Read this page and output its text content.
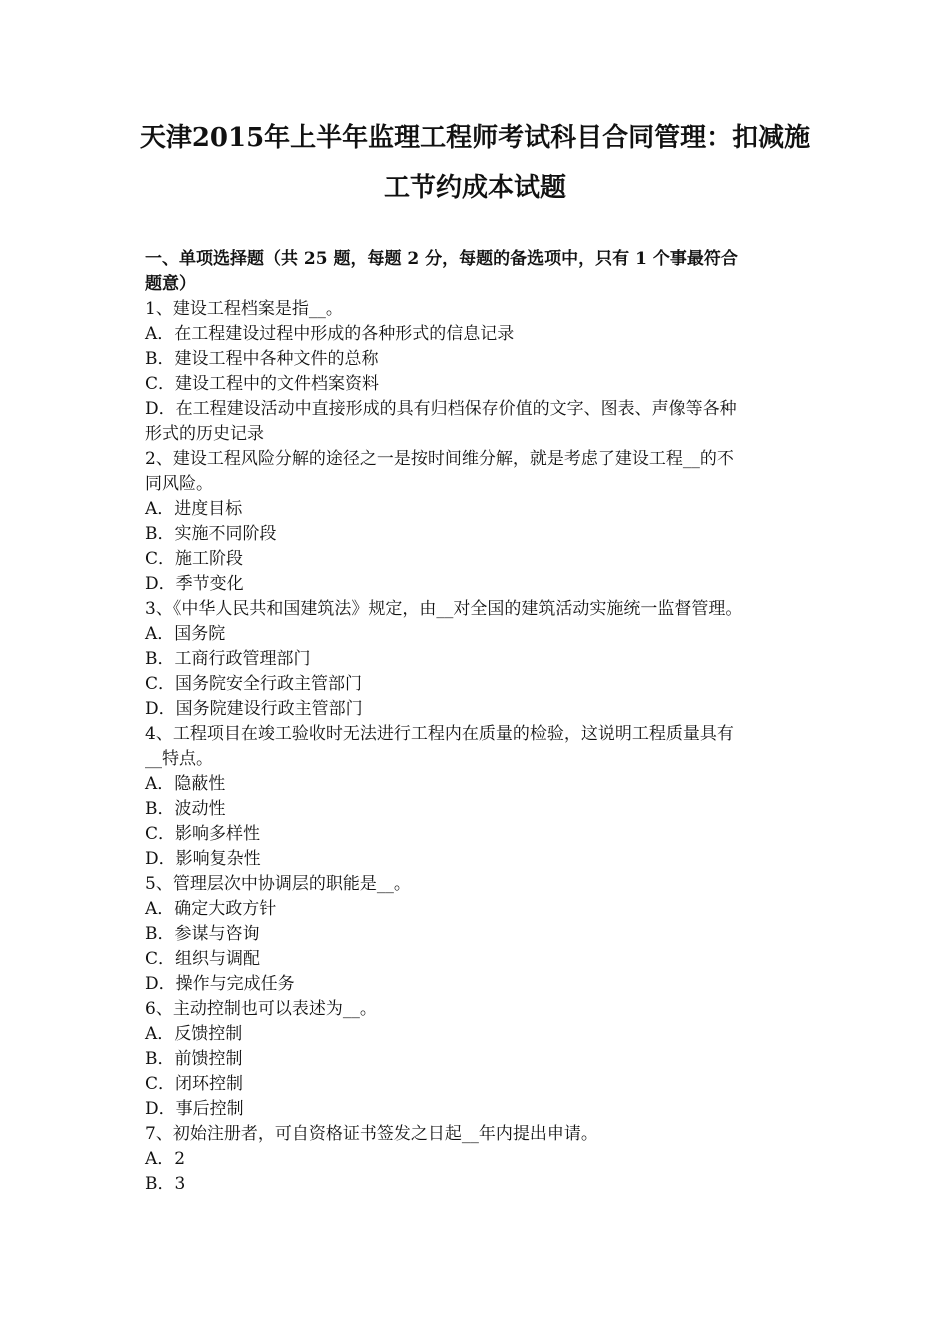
天津2015年上半年监理工程师考试科目合同管理：扣减施
工节约成本试题
一、单项选择题（共 25 题，每题 2 分，每题的备选项中，只有 1 个事最符合
题意）
1、建设工程档案是指__。
A．在工程建设过程中形成的各种形式的信息记录
B．建设工程中各种文件的总称
C．建设工程中的文件档案资料
D．在工程建设活动中直接形成的具有归档保存价值的文字、图表、声像等各种
形式的历史记录
2、建设工程风险分解的途径之一是按时间维分解，就是考虑了建设工程__的不
同风险。
A．进度目标
B．实施不同阶段
C．施工阶段
D．季节变化
3、《中华人民共和国建筑法》规定，由__对全国的建筑活动实施统一监督管理。
A．国务院
B．工商行政管理部门
C．国务院安全行政主管部门
D．国务院建设行政主管部门
4、工程项目在竣工验收时无法进行工程内在质量的检验，这说明工程质量具有
__特点。
A．隐蔽性
B．波动性
C．影响多样性
D．影响复杂性
5、管理层次中协调层的职能是__。
A．确定大政方针
B．参谋与咨询
C．组织与调配
D．操作与完成任务
6、主动控制也可以表述为__。
A．反馈控制
B．前馈控制
C．闭环控制
D．事后控制
7、初始注册者，可自资格证书签发之日起__年内提出申请。
A．2
B．3
